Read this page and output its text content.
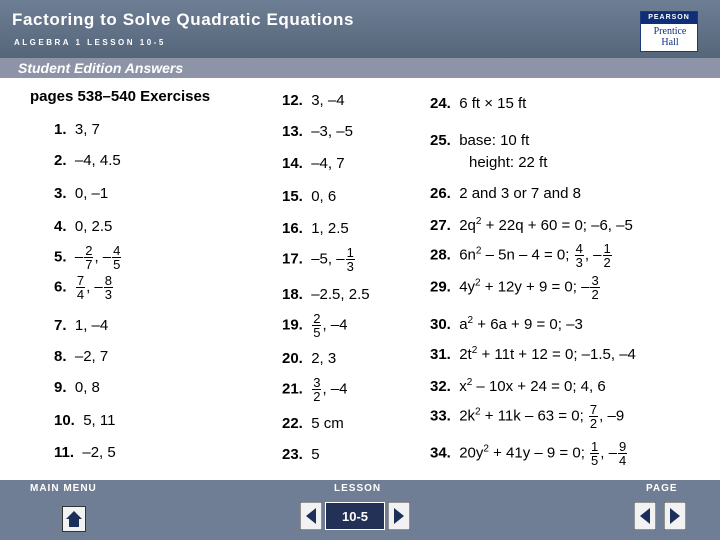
Factoring to Solve Quadratic Equations
ALGEBRA 1 LESSON 10-5
PEARSON
Prentice Hall
Student Edition Answers
pages 538–540 Exercises
1. 3, 7
2. –4, 4.5
3. 0, –1
4. 0, 2.5
5. – $\frac{2}{7}$ , – $\frac{4}{5}$
6. $\frac{7}{4}$ , – $\frac{8}{3}$
7. 1, –4
8. –2, 7
9. 0, 8
10. 5, 11
11. –2, 5
12. 3, –4
13. –3, –5
14. –4, 7
15. 0, 6
16. 1, 2.5
17. –5, – $\frac{1}{3}$
18. –2.5, 2.5
19. $\frac{2}{5}$ , –4
20. 2, 3
21. $\frac{3}{2}$ , –4
22. 5 cm
23. 5
24. 6 ft × 15 ft
25. base: 10 ft
height: 22 ft
26. 2 and 3 or 7 and 8
27. $2q^2 + 22q + 60 = 0$; –6, –5
28. $6n^2 - 5n - 4 = 0$; $\frac{4}{3}$ , – $\frac{1}{2}$
29. $4y^2 + 12y + 9 = 0$; – $\frac{3}{2}$
30. $a^2 + 6a + 9 = 0$; –3
31. $2t^2 + 11t + 12 = 0$; –1.5, –4
32. $x^2 - 10x + 24 = 0$; 4, 6
33. $2k^2 + 11k - 63 = 0$; $\frac{7}{2}$ , –9
34. $20y^2 + 41y - 9 = 0$; $\frac{1}{5}$ , – $\frac{9}{4}$
MAIN MENU	LESSON	PAGE
10-5
